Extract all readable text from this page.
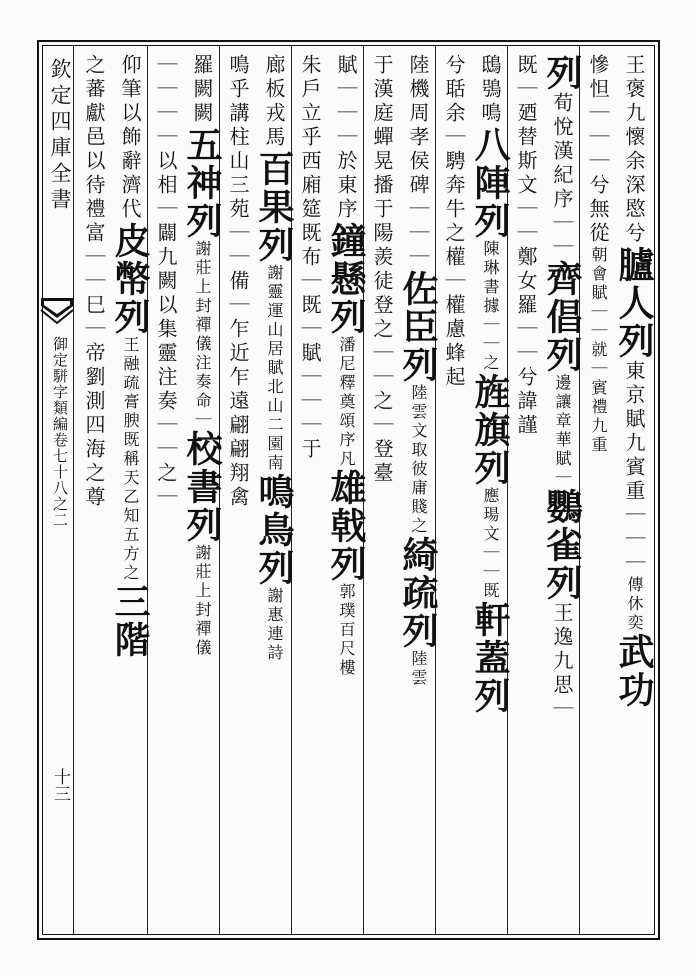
欽定四庫全書
御定駢字類編卷七十八之二
十三
王褒九懷余深愍兮臚人列東京賦九賓重｜｜｜傳休奕武功
慘怛｜｜｜兮無從朝會賦｜｜就｜賓禮九重
列荀悅漢紀序｜｜齊倡列邊讓章華賦｜鸚雀列王逸九思｜
既｜廼替斯文｜｜鄭女羅｜｜兮諱謹
鴟鴞鳴八陣列陳琳書據｜｜之旌旗列應瑒文｜｜既軒蓋列
兮聒余｜騁奔牛之權｜權慮蜂起
陸機周孝侯碑｜｜｜佐臣列陸雲文取彼庸賤之綺疏列陸雲
于漢庭蟬晃播于陽羨徒登之｜｜之｜登臺
賦｜｜｜於東序鐘懸列潘尼釋奠頌序凡雄戟列郭璞百尺樓
朱戶立乎西廂筵既布｜既｜賦｜｜｜于
廊板戎馬百果列謝靈運山居賦北山二園南鳴鳥列謝惠連詩
鳴乎講柱山三苑｜｜備｜乍近乍遠翩翩翔禽
羅闕闕五神列謝莊上封禪儀注奏命｜校書列謝莊上封禪儀
｜｜｜｜以相｜闢九闕以集靈注奏｜｜之｜
仰筆以飾辭濟代皮幣列王融疏膏腴既稱天乙知五方之三階
之蕃獻邑以待禮富｜｜巳｜帝劉測四海之尊
